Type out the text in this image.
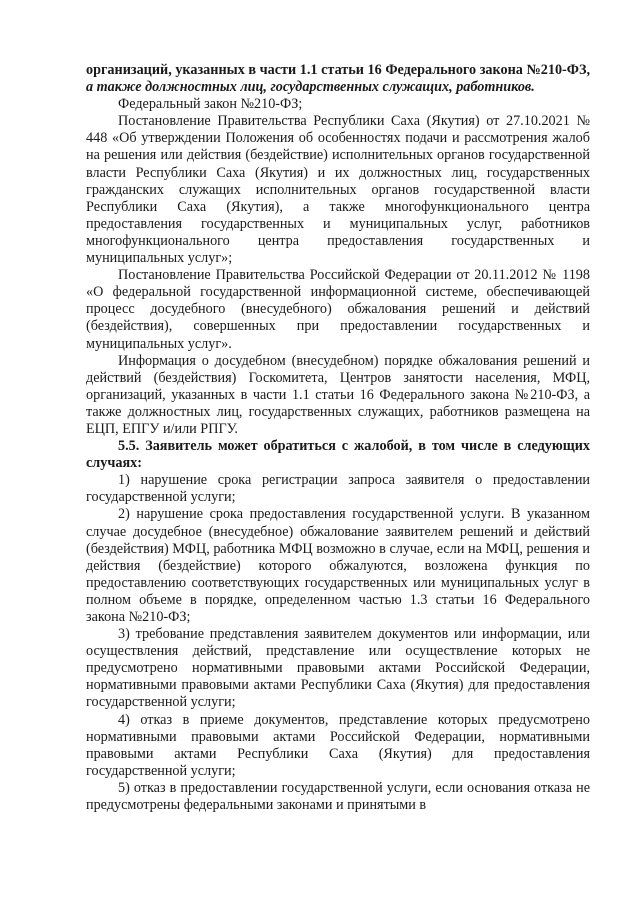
организаций, указанных в части 1.1 статьи 16 Федерального закона №210-ФЗ, а также должностных лиц, государственных служащих, работников.

Федеральный закон №210-ФЗ;

Постановление Правительства Республики Саха (Якутия) от 27.10.2021 № 448 «Об утверждении Положения об особенностях подачи и рассмотрения жалоб на решения или действия (бездействие) исполнительных органов государственной власти Республики Саха (Якутия) и их должностных лиц, государственных гражданских служащих исполнительных органов государственной власти Республики Саха (Якутия), а также многофункционального центра предоставления государственных и муниципальных услуг, работников многофункционального центра предоставления государственных и муниципальных услуг»;

Постановление Правительства Российской Федерации от 20.11.2012 № 1198 «О федеральной государственной информационной системе, обеспечивающей процесс досудебного (внесудебного) обжалования решений и действий (бездействия), совершенных при предоставлении государственных и муниципальных услуг».

Информация о досудебном (внесудебном) порядке обжалования решений и действий (бездействия) Госкомитета, Центров занятости населения, МФЦ, организаций, указанных в части 1.1 статьи 16 Федерального закона №210-ФЗ, а также должностных лиц, государственных служащих, работников размещена на ЕЦП, ЕПГУ и/или РПГУ.

5.5. Заявитель может обратиться с жалобой, в том числе в следующих случаях:

1) нарушение срока регистрации запроса заявителя о предоставлении государственной услуги;

2) нарушение срока предоставления государственной услуги. В указанном случае досудебное (внесудебное) обжалование заявителем решений и действий (бездействия) МФЦ, работника МФЦ возможно в случае, если на МФЦ, решения и действия (бездействие) которого обжалуются, возложена функция по предоставлению соответствующих государственных или муниципальных услуг в полном объеме в порядке, определенном частью 1.3 статьи 16 Федерального закона №210-ФЗ;

3) требование представления заявителем документов или информации, или осуществления действий, представление или осуществление которых не предусмотрено нормативными правовыми актами Российской Федерации, нормативными правовыми актами Республики Саха (Якутия) для предоставления государственной услуги;

4) отказ в приеме документов, представление которых предусмотрено нормативными правовыми актами Российской Федерации, нормативными правовыми актами Республики Саха (Якутия) для предоставления государственной услуги;

5) отказ в предоставлении государственной услуги, если основания отказа не предусмотрены федеральными законами и принятыми в
